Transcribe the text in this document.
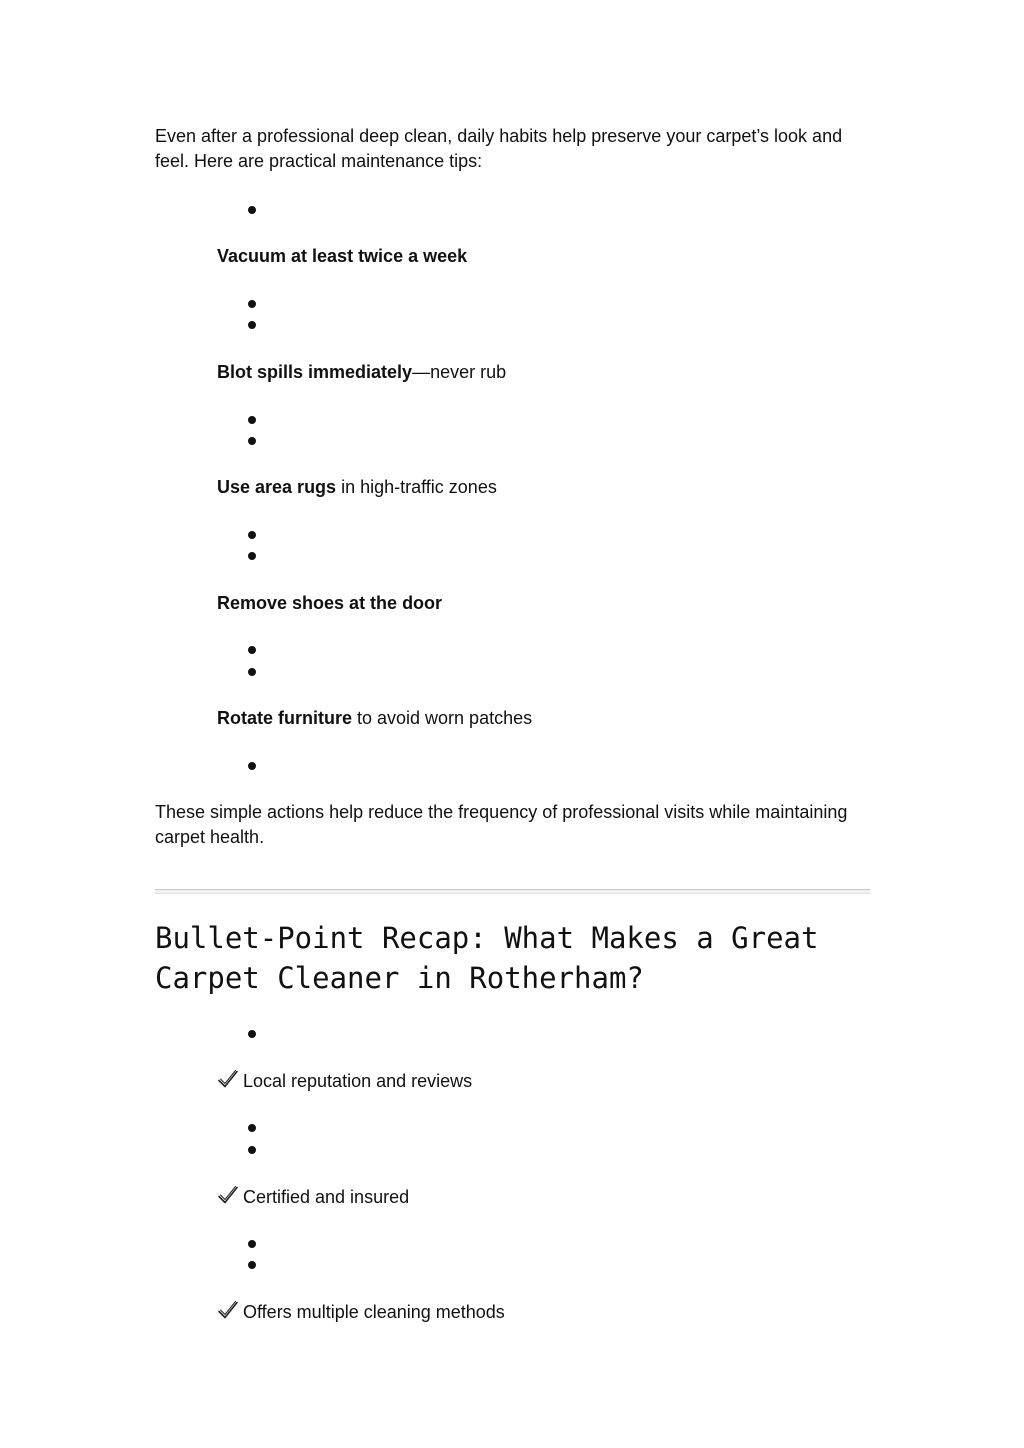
Even after a professional deep clean, daily habits help preserve your carpet’s look and feel. Here are practical maintenance tips:

Vacuum at least twice a week

Blot spills immediately—never rub

Use area rugs in high-traffic zones

Remove shoes at the door

Rotate furniture to avoid worn patches

These simple actions help reduce the frequency of professional visits while maintaining carpet health.

Bullet-Point Recap: What Makes a Great Carpet Cleaner in Rotherham?

Local reputation and reviews

Certified and insured

Offers multiple cleaning methods
